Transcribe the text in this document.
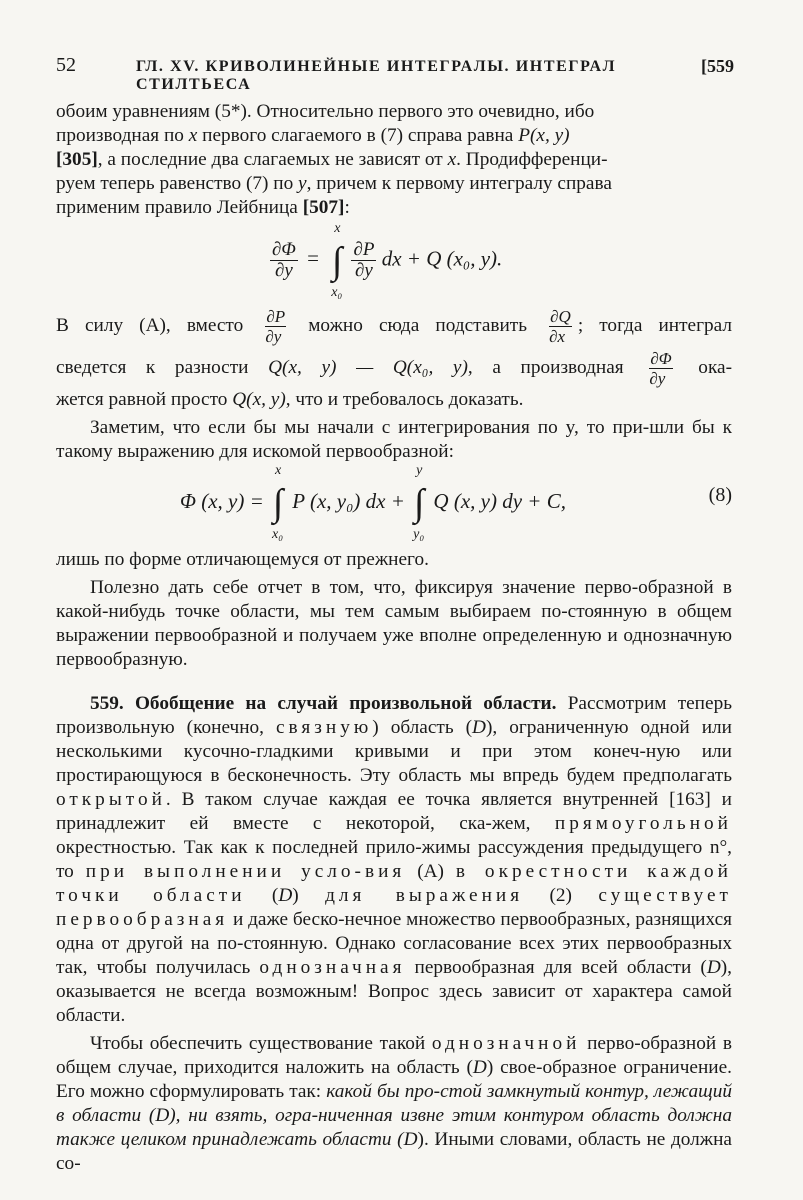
52	ГЛ. XV. КРИВОЛИНЕЙНЫЕ ИНТЕГРАЛЫ. ИНТЕГРАЛ СТИЛТЬЕСА
[559

обоим уравнениям (5*). Относительно первого это очевидно, ибо

производная по x первого слагаемого в (7) справа равна P(x, y)

[305], а последние два слагаемых не зависят от x. Продифференци-

руем теперь равенство (7) по y, причем к первому интегралу справа

применим правило Лейбница [507]:

$\frac{\partial\Phi}{\partial y}$ = ∫
x
x₀

$\frac{\partial P}{\partial y}$ dx + Q (x₀, y).

В силу (А), вместо $\frac{\partial P}{\partial y}$ можно сюда подставить $\frac{\partial Q}{\partial x}$ ; тогда интеграл

сведется к разности Q(x, y) — Q(x₀, y), а производная $\frac{\partial\Phi}{\partial y} ока-$

жется равной просто Q(x, y), что и требовалось доказать.

Заметим, что если бы мы начали с интегрирования по y, то при-шли бы к такому выражению для искомой первообразной:

Φ (x, y) = ∫
x
x₀
P (x, y₀) dx + ∫
y
y₀
Q (x, y) dy + C,	(8)

лишь по форме отличающемуся от прежнего.

Полезно дать себе отчет в том, что, фиксируя значение перво-образной в какой-нибудь точке области, мы тем самым выбираем по-стоянную в общем выражении первообразной и получаем уже вполне определенную и однозначную первообразную.

559. Обобщение на случай произвольной области. Рассмотрим теперь произвольную (конечно, связную) область (D), ограниченную одной или несколькими кусочно-гладкими кривыми и при этом конеч-ную или простирающуюся в бесконечность. Эту область мы впредь будем предполагать открытой. В таком случае каждая ее точка является внутренней [163] и принадлежит ей вместе с некоторой, ска-жем, прямоугольной окрестностью. Так как к последней прило-жимы рассуждения предыдущего n°, то при выполнении усло-вия (А) в окрестности каждой точки области (D) для выражения (2) существует первообразная и даже беско-нечное множество первообразных, разнящихся одна от другой на по-стоянную. Однако согласование всех этих первообразных так, чтобы получилась однозначная первообразная для всей области (D), оказывается не всегда возможным! Вопрос здесь зависит от характера самой области.

Чтобы обеспечить существование такой однозначной перво-образной в общем случае, приходится наложить на область (D) свое-образное ограничение. Его можно сформулировать так: какой бы про-стой замкнутый контур, лежащий в области (D), ни взять, огра-ниченная извне этим контуром область должна также целиком принадлежать области (D). Иными словами, область не должна со-
